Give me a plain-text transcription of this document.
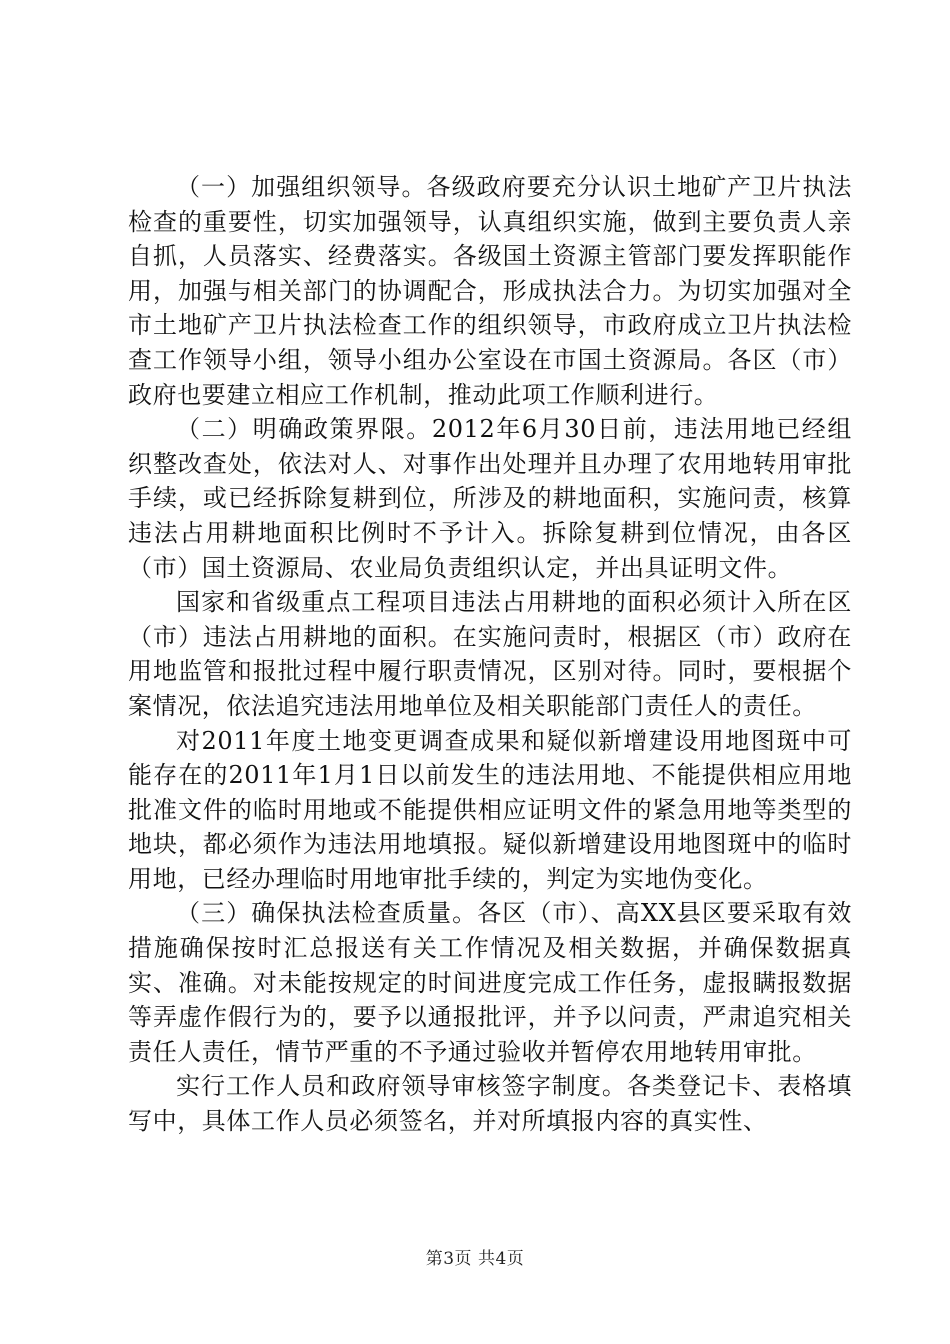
（一）加强组织领导。各级政府要充分认识土地矿产卫片执法检查的重要性，切实加强领导，认真组织实施，做到主要负责人亲自抓，人员落实、经费落实。各级国土资源主管部门要发挥职能作用，加强与相关部门的协调配合，形成执法合力。为切实加强对全市土地矿产卫片执法检查工作的组织领导，市政府成立卫片执法检查工作领导小组，领导小组办公室设在市国土资源局。各区（市）政府也要建立相应工作机制，推动此项工作顺利进行。

（二）明确政策界限。2012年6月30日前，违法用地已经组织整改查处，依法对人、对事作出处理并且办理了农用地转用审批手续，或已经拆除复耕到位，所涉及的耕地面积，实施问责，核算违法占用耕地面积比例时不予计入。拆除复耕到位情况，由各区（市）国土资源局、农业局负责组织认定，并出具证明文件。

国家和省级重点工程项目违法占用耕地的面积必须计入所在区（市）违法占用耕地的面积。在实施问责时，根据区（市）政府在用地监管和报批过程中履行职责情况，区别对待。同时，要根据个案情况，依法追究违法用地单位及相关职能部门责任人的责任。

对2011年度土地变更调查成果和疑似新增建设用地图斑中可能存在的2011年1月1日以前发生的违法用地、不能提供相应用地批准文件的临时用地或不能提供相应证明文件的紧急用地等类型的地块，都必须作为违法用地填报。疑似新增建设用地图斑中的临时用地，已经办理临时用地审批手续的，判定为实地伪变化。

（三）确保执法检查质量。各区（市）、高XX县区要采取有效措施确保按时汇总报送有关工作情况及相关数据，并确保数据真实、准确。对未能按规定的时间进度完成工作任务，虚报瞒报数据等弄虚作假行为的，要予以通报批评，并予以问责，严肃追究相关责任人责任，情节严重的不予通过验收并暂停农用地转用审批。

实行工作人员和政府领导审核签字制度。各类登记卡、表格填写中，具体工作人员必须签名，并对所填报内容的真实性、

第3页 共4页
